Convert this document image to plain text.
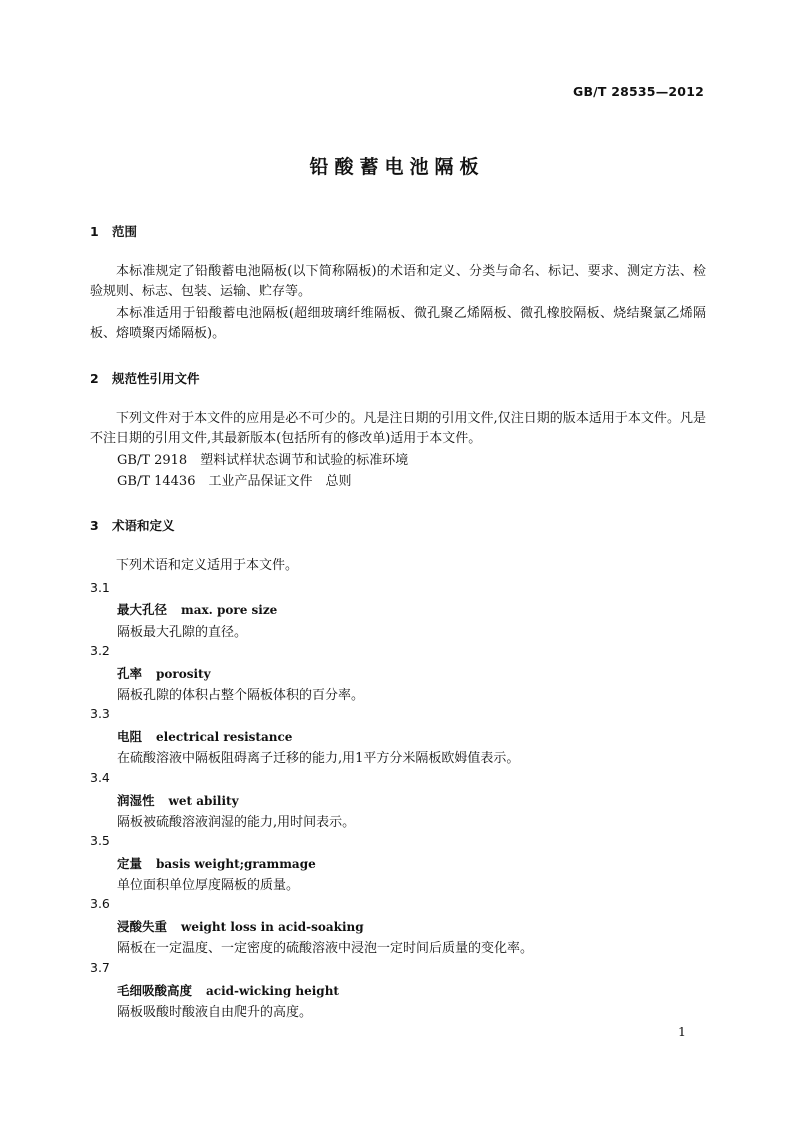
GB/T 28535—2012
铅酸蓄电池隔板
1 范围
本标准规定了铅酸蓄电池隔板(以下简称隔板)的术语和定义、分类与命名、标记、要求、测定方法、检验规则、标志、包装、运输、贮存等。
本标准适用于铅酸蓄电池隔板(超细玻璃纤维隔板、微孔聚乙烯隔板、微孔橡胶隔板、烧结聚氯乙烯隔板、熔喷聚丙烯隔板)。
2 规范性引用文件
下列文件对于本文件的应用是必不可少的。凡是注日期的引用文件,仅注日期的版本适用于本文件。凡是不注日期的引用文件,其最新版本(包括所有的修改单)适用于本文件。
GB/T 2918　塑料试样状态调节和试验的标准环境
GB/T 14436　工业产品保证文件　总则
3 术语和定义
下列术语和定义适用于本文件。
3.1
最大孔径 max. pore size
隔板最大孔隙的直径。
3.2
孔率 porosity
隔板孔隙的体积占整个隔板体积的百分率。
3.3
电阻 electrical resistance
在硫酸溶液中隔板阻碍离子迁移的能力,用1平方分米隔板欧姆值表示。
3.4
润湿性 wet ability
隔板被硫酸溶液润湿的能力,用时间表示。
3.5
定量 basis weight;grammage
单位面积单位厚度隔板的质量。
3.6
浸酸失重 weight loss in acid-soaking
隔板在一定温度、一定密度的硫酸溶液中浸泡一定时间后质量的变化率。
3.7
毛细吸酸高度 acid-wicking height
隔板吸酸时酸液自由爬升的高度。
1
